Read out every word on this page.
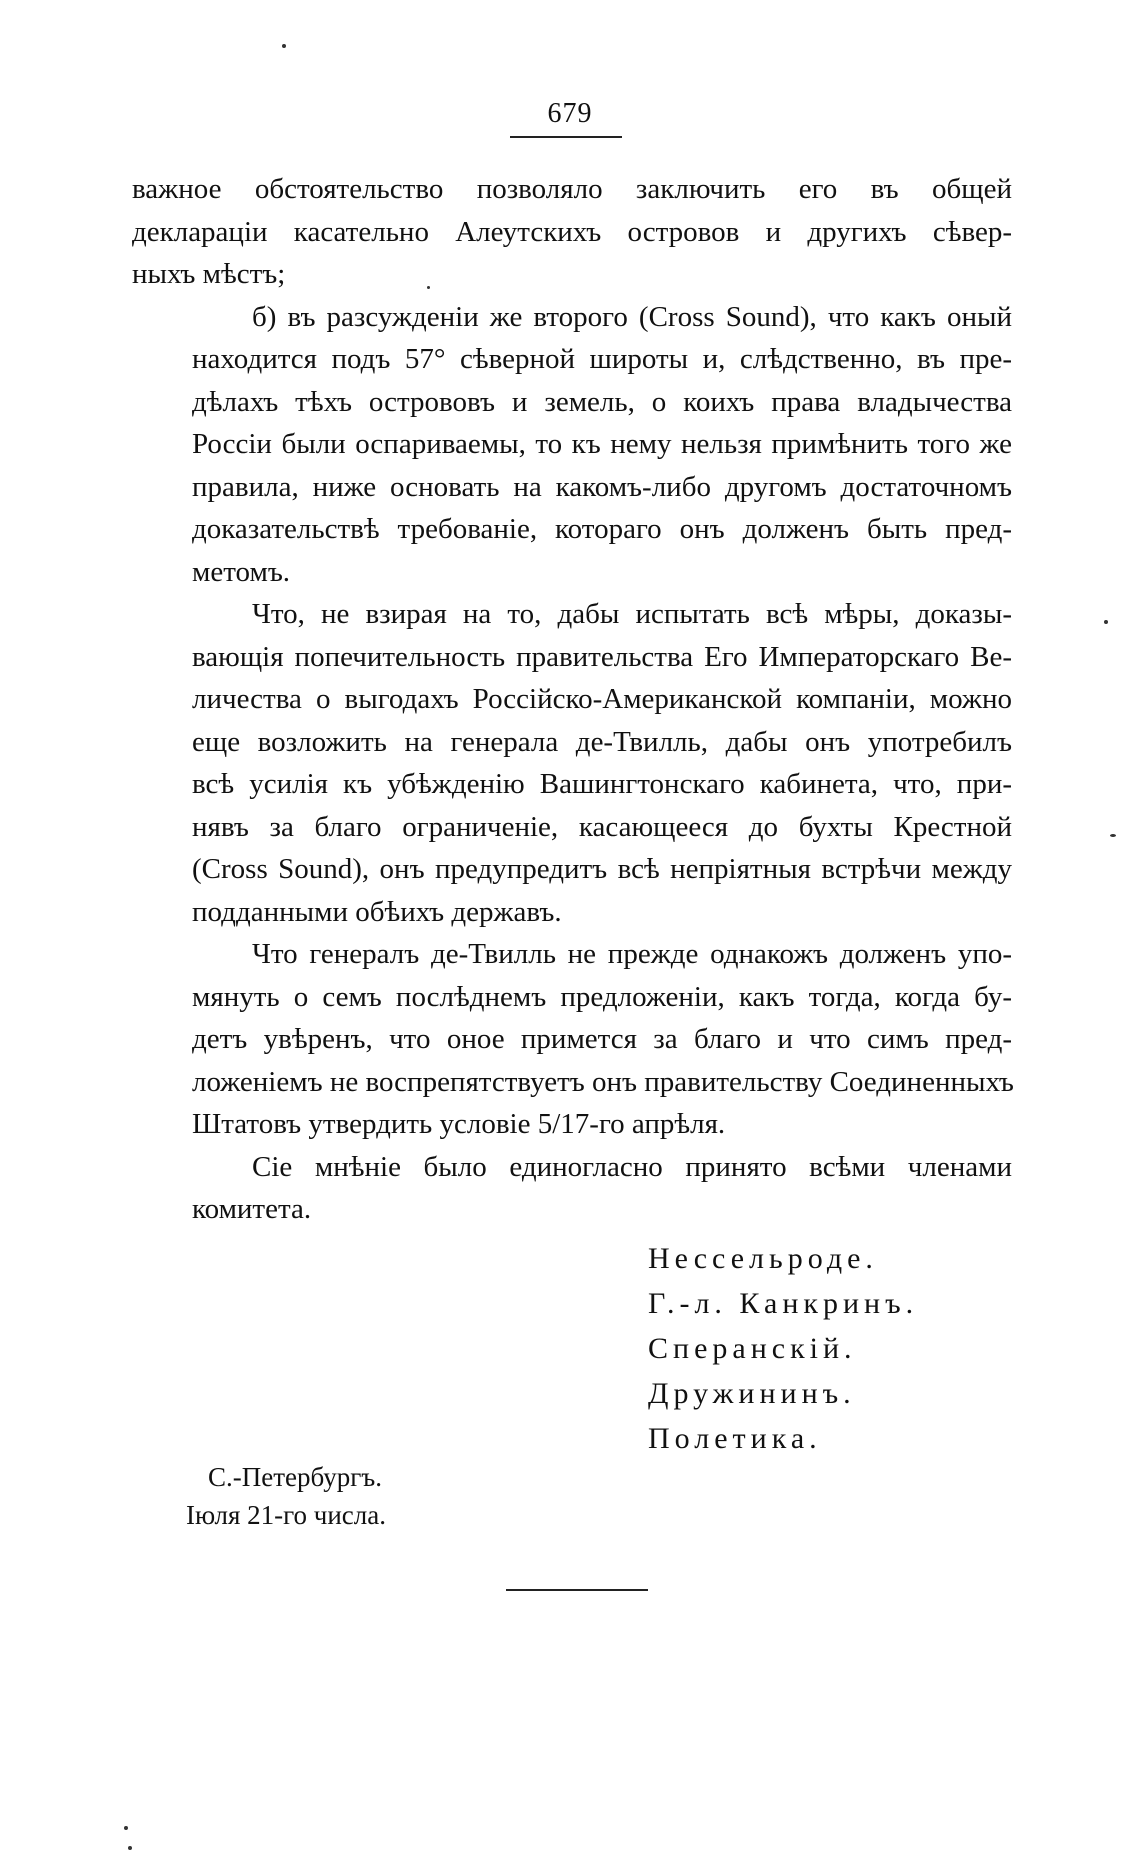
679

важное обстоятельство позволяло заключить его въ общей
декларацiи касательно Алеутскихъ островов и другихъ сѣвер-
ныхъ мѣстъ;

б) въ разсужденiи же второго (Cross Sound), что какъ оный
находится подъ 57° сѣверной широты и, слѣдственно, въ пре-
дѣлахъ тѣхъ острововъ и земель, о коихъ права владычества
Россiи были оспариваемы, то къ нему нельзя примѣнить того же
правила, ниже основать на какомъ-либо другомъ достаточномъ
доказательствѣ требованiе, котораго онъ долженъ быть пред-
метомъ.

Что, не взирая на то, дабы испытать всѣ мѣры, доказы-
вающiя попечительность правительства Его Императорскаго Ве-
личества о выгодахъ Россiйско-Американской компанiи, можно
еще возложить на генерала де-Твилль, дабы онъ употребилъ
всѣ усилiя къ убѣжденiю Вашингтонскаго кабинета, что, при-
нявъ за благо ограниченiе, касающееся до бухты Крестной
(Cross Sound), онъ предупредитъ всѣ непрiятныя встрѣчи между
подданными обѣихъ державъ.

Что генералъ де-Твилль не прежде однакожъ долженъ упо-
мянуть о семъ послѣднемъ предложенiи, какъ тогда, когда бу-
детъ увѣренъ, что оное примется за благо и что симъ пред-
ложенiемъ не воспрепятствуетъ онъ правительству Соединенныхъ
Штатовъ утвердить условiе 5/17-го апрѣля.

Сiе мнѣнiе было единогласно принято всѣми членами
комитета.

Нессельроде.
Г.-л. Канкринъ.
Сперанскiй.
Дружининъ.
Полетика.
С.-Петербургъ.
Iюля 21-го числа.
